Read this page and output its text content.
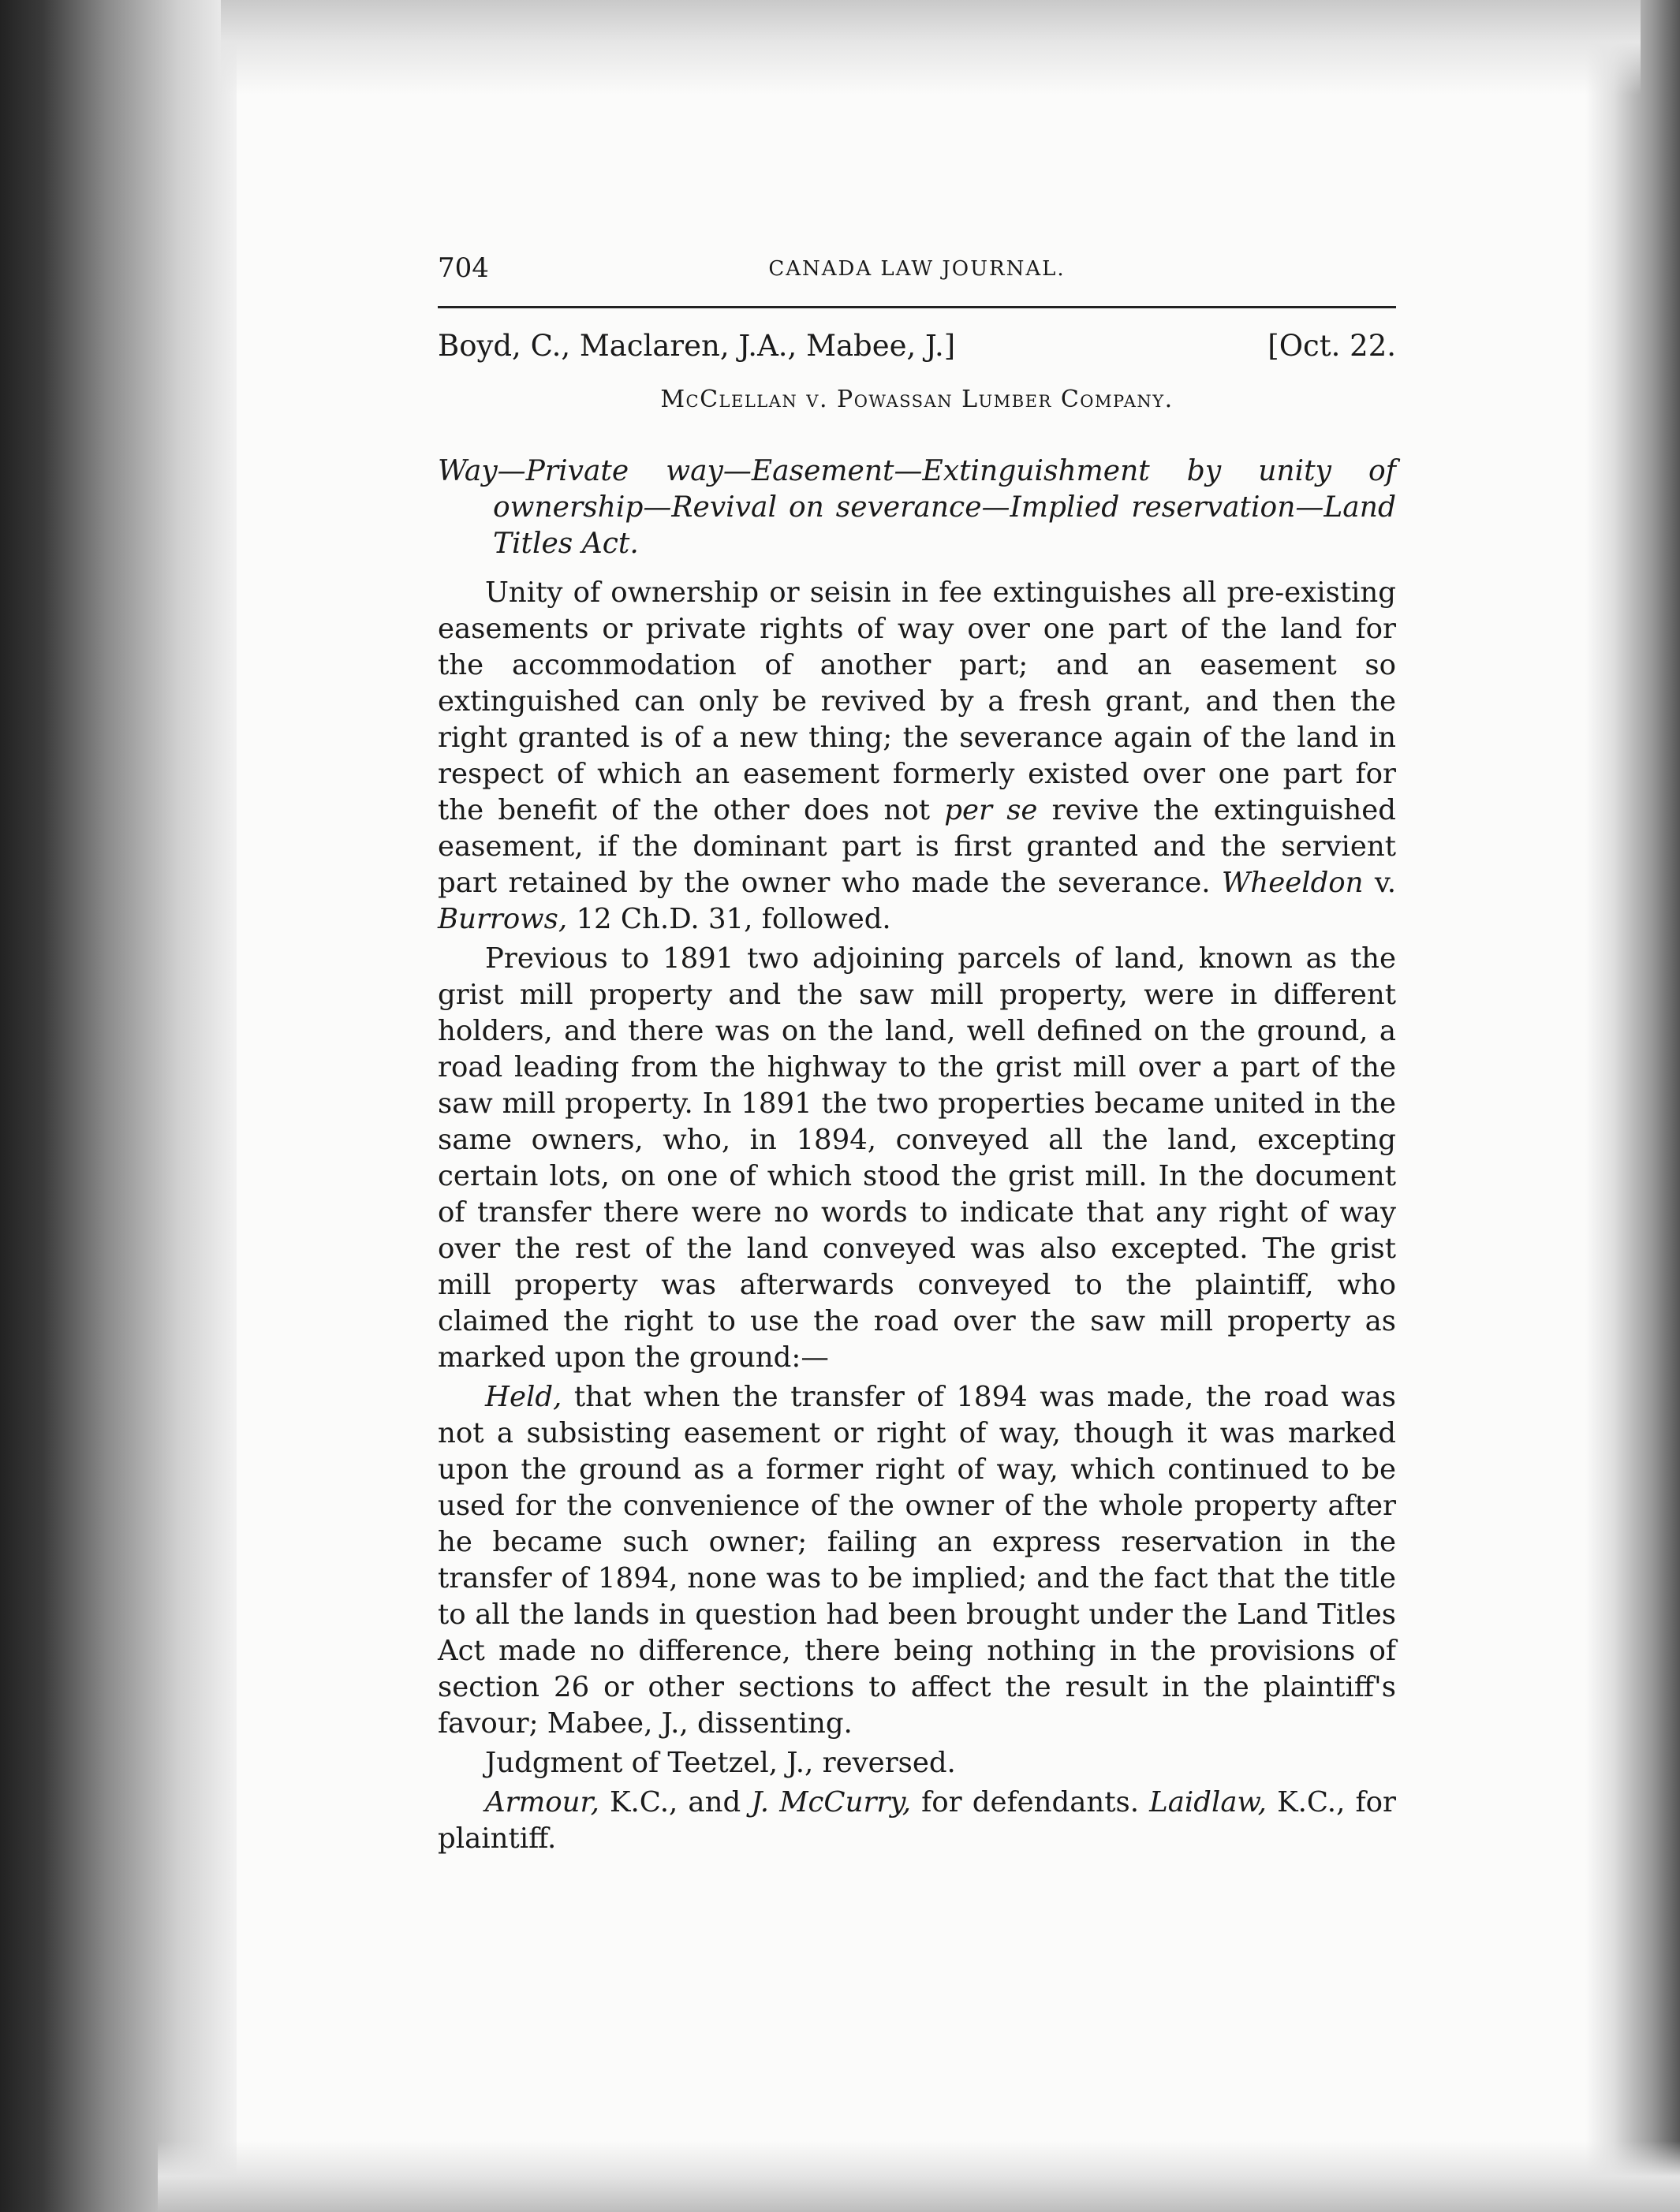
704	CANADA LAW JOURNAL.
Boyd, C., Maclaren, J.A., Mabee, J.]	[Oct. 22.
McClellan v. Powassan Lumber Company.
Way—Private way—Easement—Extinguishment by unity of ownership—Revival on severance—Implied reservation—Land Titles Act.

Unity of ownership or seisin in fee extinguishes all pre-existing easements or private rights of way over one part of the land for the accommodation of another part; and an easement so extinguished can only be revived by a fresh grant, and then the right granted is of a new thing; the severance again of the land in respect of which an easement formerly existed over one part for the benefit of the other does not per se revive the extinguished easement, if the dominant part is first granted and the servient part retained by the owner who made the severance. Wheeldon v. Burrows, 12 Ch.D. 31, followed.

Previous to 1891 two adjoining parcels of land, known as the grist mill property and the saw mill property, were in different holders, and there was on the land, well defined on the ground, a road leading from the highway to the grist mill over a part of the saw mill property. In 1891 the two properties became united in the same owners, who, in 1894, conveyed all the land, excepting certain lots, on one of which stood the grist mill. In the document of transfer there were no words to indicate that any right of way over the rest of the land conveyed was also excepted. The grist mill property was afterwards conveyed to the plaintiff, who claimed the right to use the road over the saw mill property as marked upon the ground:—

Held, that when the transfer of 1894 was made, the road was not a subsisting easement or right of way, though it was marked upon the ground as a former right of way, which continued to be used for the convenience of the owner of the whole property after he became such owner; failing an express reservation in the transfer of 1894, none was to be implied; and the fact that the title to all the lands in question had been brought under the Land Titles Act made no difference, there being nothing in the provisions of section 26 or other sections to affect the result in the plaintiff's favour; Mabee, J., dissenting.

Judgment of Teetzel, J., reversed.

Armour, K.C., and J. McCurry, for defendants. Laidlaw, K.C., for plaintiff.
